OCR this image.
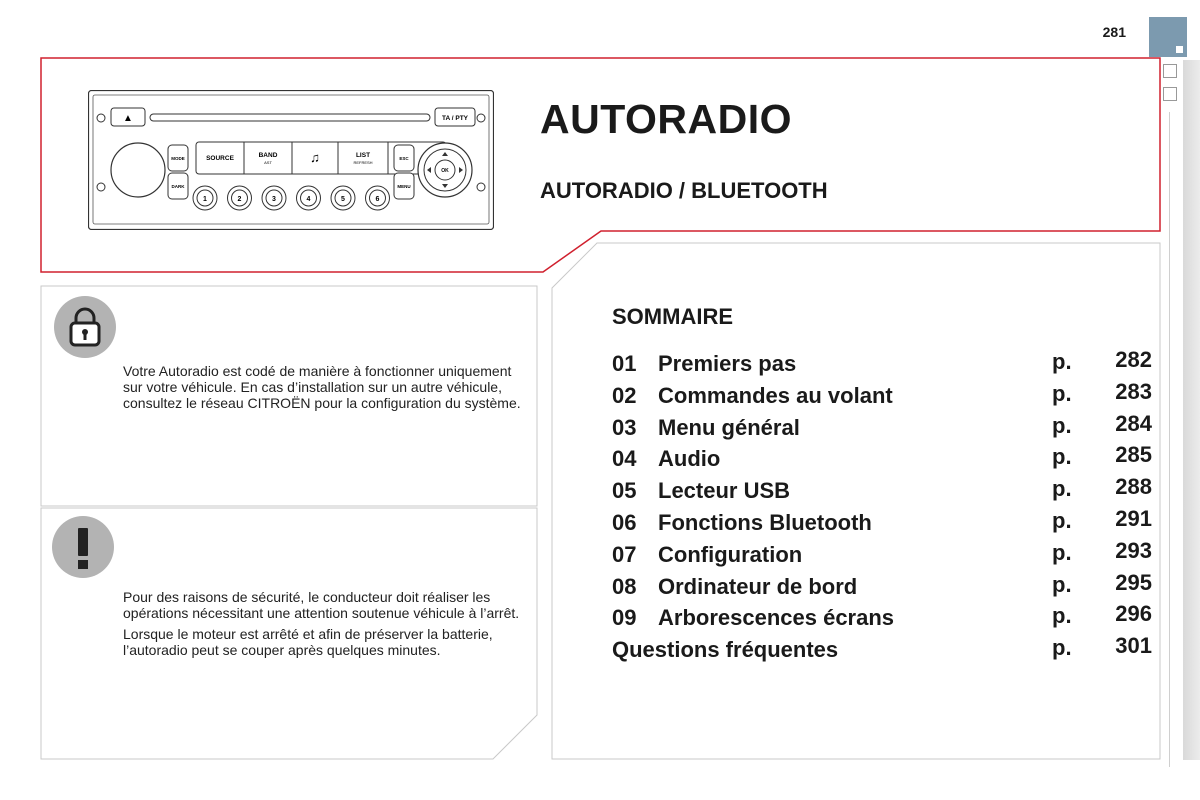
281
▲	TA / PTY
MODE
DARK
SOURCE	BAND
AST	♫	LIST
REFRESH
ESC
MENU
OK
1	2	3	4	5	6
AUTORADIO
AUTORADIO / BLUETOOTH

Votre Autoradio est codé de manière à fonctionner uniquement sur votre véhicule. En cas d’installation sur un autre véhicule, consultez le réseau CITROËN pour la configuration du système.

Pour des raisons de sécurité, le conducteur doit réaliser les opérations nécessitant une attention soutenue véhicule à l’arrêt.

Lorsque le moteur est arrêté et afin de préserver la batterie, l’autoradio peut se couper après quelques minutes.

SOMMAIRE
01 Premiers pas	p. 282
02 Commandes au volant	p. 283
03 Menu général	p. 284
04 Audio	p. 285
05 Lecteur USB	p. 288
06 Fonctions Bluetooth	p. 291
07 Configuration	p. 293
08 Ordinateur de bord	p. 295
09 Arborescences écrans	p. 296
Questions fréquentes	p. 301
